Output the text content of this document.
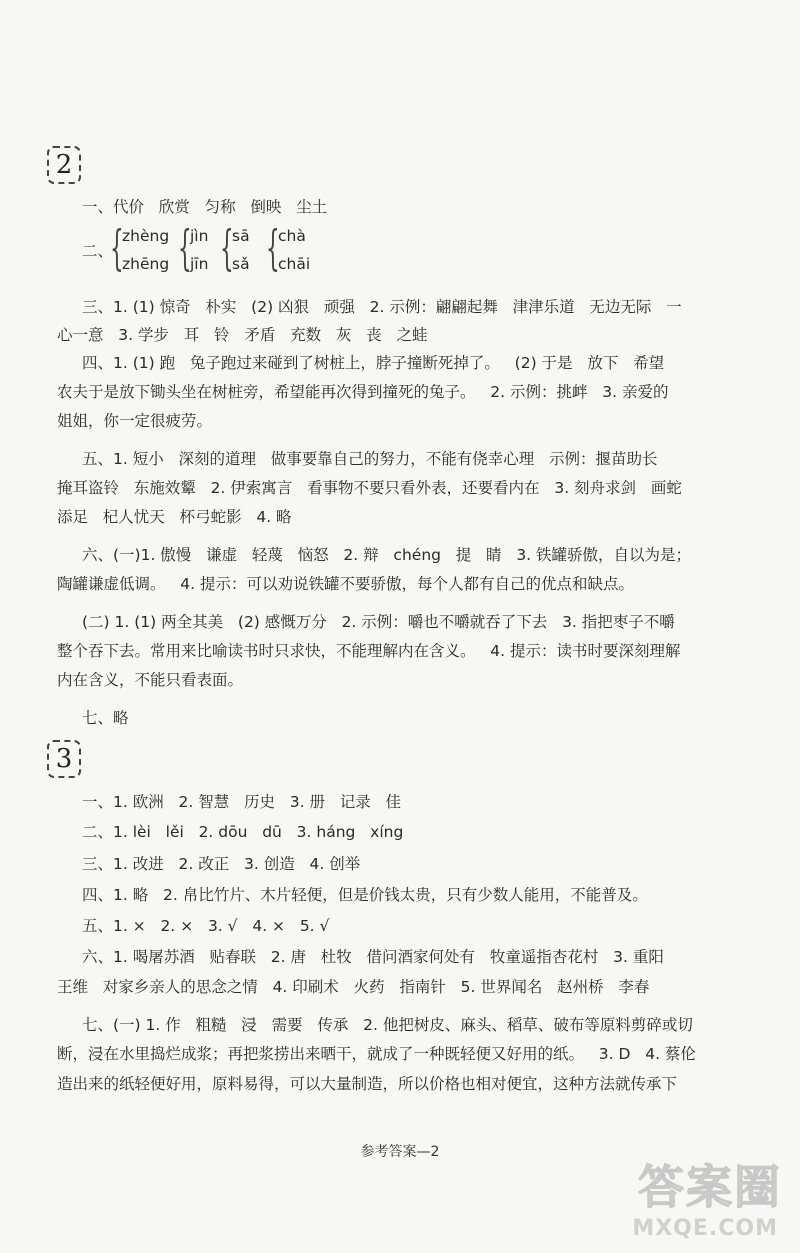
2
一、代价   欣赏   匀称   倒映   尘土
二、
{
zhèng
zhēng {
jìn
jīn {
sā
sǎ {
chà
chāi
三、1. (1) 惊奇   朴实   (2) 凶狠   顽强   2. 示例：翩翩起舞   津津乐道   无边无际   一
心一意   3. 学步   耳   铃   矛盾   充数   灰   丧   之蛙
四、1. (1) 跑   兔子跑过来碰到了树桩上，脖子撞断死掉了。   (2) 于是   放下   希望
农夫于是放下锄头坐在树桩旁，希望能再次得到撞死的兔子。   2. 示例：挑衅   3. 亲爱的
姐姐，你一定很疲劳。
五、1. 短小   深刻的道理   做事要靠自己的努力，不能有侥幸心理   示例：揠苗助长
掩耳盗铃   东施效颦   2. 伊索寓言   看事物不要只看外表，还要看内在   3. 刻舟求剑   画蛇
添足   杞人忧天   杯弓蛇影   4. 略
六、(一)1. 傲慢   谦虚   轻蔑   恼怒   2. 辩   chéng   提   睛   3. 铁罐骄傲，自以为是；
陶罐谦虚低调。   4. 提示：可以劝说铁罐不要骄傲，每个人都有自己的优点和缺点。
(二) 1. (1) 两全其美   (2) 感慨万分   2. 示例：嚼也不嚼就吞了下去   3. 指把枣子不嚼
整个吞下去。常用来比喻读书时只求快，不能理解内在含义。   4. 提示：读书时要深刻理解
内在含义，不能只看表面。
七、略
3
一、1. 欧洲   2. 智慧   历史   3. 册   记录   佳
二、1. lèi   lěi   2. dōu   dū   3. háng   xíng
三、1. 改进   2. 改正   3. 创造   4. 创举
四、1. 略   2. 帛比竹片、木片轻便，但是价钱太贵，只有少数人能用，不能普及。
五、1. ×   2. ×   3. √   4. ×   5. √
六、1. 喝屠苏酒   贴春联   2. 唐   杜牧   借问酒家何处有   牧童遥指杏花村   3. 重阳
王维   对家乡亲人的思念之情   4. 印刷术   火药   指南针   5. 世界闻名   赵州桥   李春
七、(一) 1. 作   粗糙   浸   需要   传承   2. 他把树皮、麻头、稻草、破布等原料剪碎或切
断，浸在水里捣烂成浆；再把浆捞出来晒干，就成了一种既轻便又好用的纸。   3. D   4. 蔡伦
造出来的纸轻便好用，原料易得，可以大量制造，所以价格也相对便宜，这种方法就传承下
参考答案—2
答案圈
MXQE.COM
